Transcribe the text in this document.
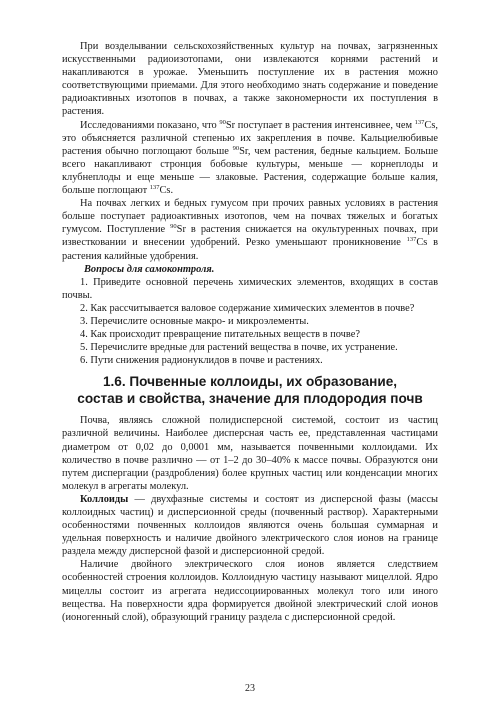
При возделывании сельскохозяйственных культур на почвах, загрязненных искусственными радиоизотопами, они извлекаются корнями растений и накапливаются в урожае. Уменьшить поступление их в растения можно соответствующими приемами. Для этого необходимо знать содержание и поведение радиоактивных изотопов в почвах, а также закономерности их поступления в растения.

Исследованиями показано, что $^{90}$Sr поступает в растения интенсивнее, чем $^{137}$Cs, это объясняется различной степенью их закрепления в почве. Кальциелюбивые растения обычно поглощают больше $^{90}$Sr, чем растения, бедные кальцием. Больше всего накапливают стронция бобовые культуры, меньше — корнеплоды и клубнеплоды и еще меньше — злаковые. Растения, содержащие больше калия, больше поглощают $^{137}$Cs.

На почвах легких и бедных гумусом при прочих равных условиях в растения больше поступает радиоактивных изотопов, чем на почвах тяжелых и богатых гумусом. Поступление $^{90}$Sr в растения снижается на окультуренных почвах, при известковании и внесении удобрений. Резко уменьшают проникновение $^{137}$Cs в растения калийные удобрения.

Вопросы для самоконтроля.

1. Приведите основной перечень химических элементов, входящих в состав почвы.
2. Как рассчитывается валовое содержание химических элементов в почве?
3. Перечислите основные макро- и микроэлементы.
4. Как происходит превращение питательных веществ в почве?
5. Перечислите вредные для растений вещества в почве, их устранение.
6. Пути снижения радионуклидов в почве и растениях.
1.6. Почвенные коллоиды, их образование,
состав и свойства, значение для плодородия почв

Почва, являясь сложной полидисперсной системой, состоит из частиц различной величины. Наиболее дисперсная часть ее, представленная частицами диаметром от 0,02 до 0,0001 мм, называется почвенными коллоидами. Их количество в почве различно — от 1–2 до 30–40% к массе почвы. Образуются они путем диспергации (раздробления) более крупных частиц или конденсации многих молекул в агрегаты молекул.

Коллоиды — двухфазные системы и состоят из дисперсной фазы (массы коллоидных частиц) и дисперсионной среды (почвенный раствор). Характерными особенностями почвенных коллоидов являются очень большая суммарная и удельная поверхность и наличие двойного электрического слоя ионов на границе раздела между дисперсной фазой и дисперсионной средой.

Наличие двойного электрического слоя ионов является следствием особенностей строения коллоидов. Коллоидную частицу называют мицеллой. Ядро мицеллы состоит из агрегата недиссоциированных молекул того или иного вещества. На поверхности ядра формируется двойной электрический слой ионов (ионогенный слой), образующий границу раздела с дисперсионной средой.

23
